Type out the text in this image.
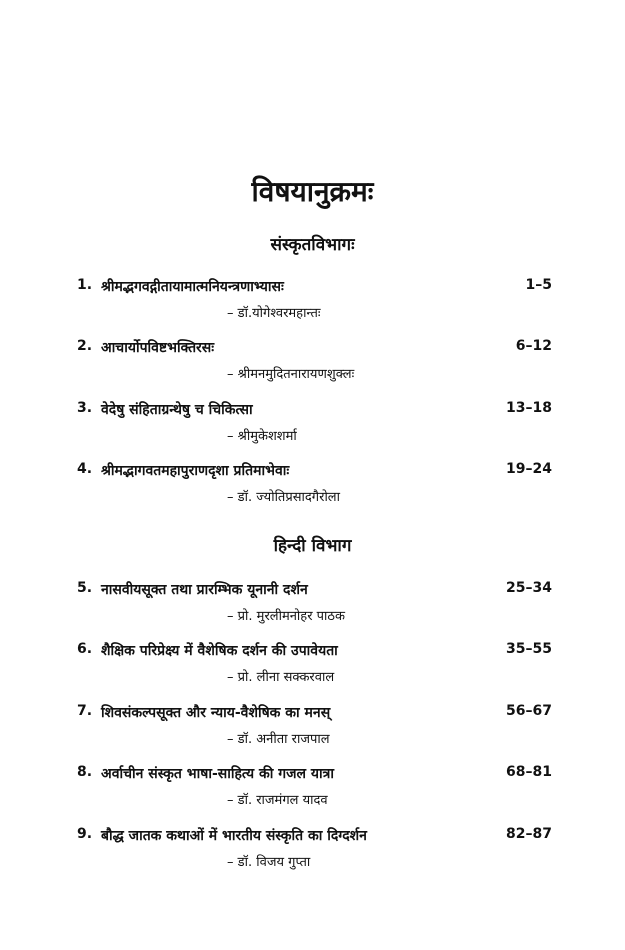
विषयानुक्रमः
संस्कृतविभागः
1. श्रीमद्भगवद्गीतायामात्मनियन्त्रणाभ्यासः	1–5
– डॉ.योगेश्वरमहान्तः
2. आचार्योपविष्टभक्तिरसः	6–12
– श्रीमनमुदितनारायणशुक्लः
3. वेदेषु संहिताग्रन्थेषु च चिकित्सा	13–18
– श्रीमुकेशशर्मा
4. श्रीमद्भागवतमहापुराणदृशा प्रतिमाभेवाः	19–24
– डॉ. ज्योतिप्रसादगैरोला
हिन्दी विभाग
5. नासवीयसूक्त तथा प्रारम्भिक यूनानी दर्शन	25–34
– प्रो. मुरलीमनोहर पाठक
6. शैक्षिक परिप्रेक्ष्य में वैशेषिक दर्शन की उपावेयता	35–55
– प्रो. लीना सक्करवाल
7. शिवसंकल्पसूक्त और न्याय-वैशेषिक का मनस्	56–67
– डॉ. अनीता राजपाल
8. अर्वाचीन संस्कृत भाषा-साहित्य की गजल यात्रा	68–81
– डॉ. राजमंगल यादव
9. बौद्ध जातक कथाओं में भारतीय संस्कृति का दिग्दर्शन	82–87
– डॉ. विजय गुप्ता
